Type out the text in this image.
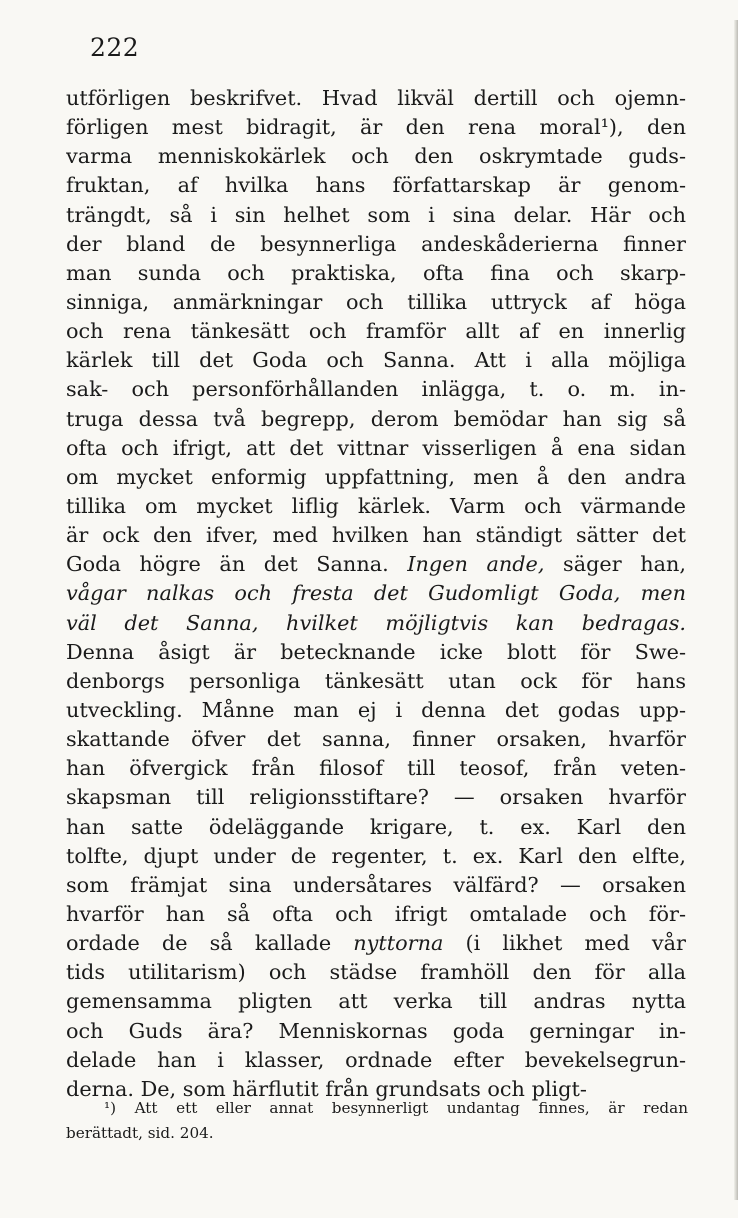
222
utförligen beskrifvet. Hvad likväl dertill och ojemn-
förligen mest bidragit, är den rena moral¹), den
varma menniskokärlek och den oskrymtade guds-
fruktan, af hvilka hans författarskap är genom-
trängdt, så i sin helhet som i sina delar. Här och
der bland de besynnerliga andeskåderierna finner
man sunda och praktiska, ofta fina och skarp-
sinniga, anmärkningar och tillika uttryck af höga
och rena tänkesätt och framför allt af en innerlig
kärlek till det Goda och Sanna. Att i alla möjliga
sak- och personförhållanden inlägga, t. o. m. in-
truga dessa två begrepp, derom bemödar han sig så
ofta och ifrigt, att det vittnar visserligen å ena sidan
om mycket enformig uppfattning, men å den andra
tillika om mycket liflig kärlek. Varm och värmande
är ock den ifver, med hvilken han ständigt sätter det
Goda högre än det Sanna. Ingen ande, säger han,
vågar nalkas och fresta det Gudomligt Goda, men
väl det Sanna, hvilket möjligtvis kan bedragas.
Denna åsigt är betecknande icke blott för Swe-
denborgs personliga tänkesätt utan ock för hans
utveckling. Månne man ej i denna det godas upp-
skattande öfver det sanna, finner orsaken, hvarför
han öfvergick från filosof till teosof, från veten-
skapsman till religionsstiftare? — orsaken hvarför
han satte ödeläggande krigare, t. ex. Karl den
tolfte, djupt under de regenter, t. ex. Karl den elfte,
som främjat sina undersåtares välfärd? — orsaken
hvarför han så ofta och ifrigt omtalade och för-
ordade de så kallade nyttorna (i likhet med vår
tids utilitarism) och städse framhöll den för alla
gemensamma pligten att verka till andras nytta
och Guds ära? Menniskornas goda gerningar in-
delade han i klasser, ordnade efter bevekelsegrun-
derna. De, som härflutit från grundsats och pligt-
¹) Att ett eller annat besynnerligt undantag finnes, är redan
berättadt, sid. 204.
